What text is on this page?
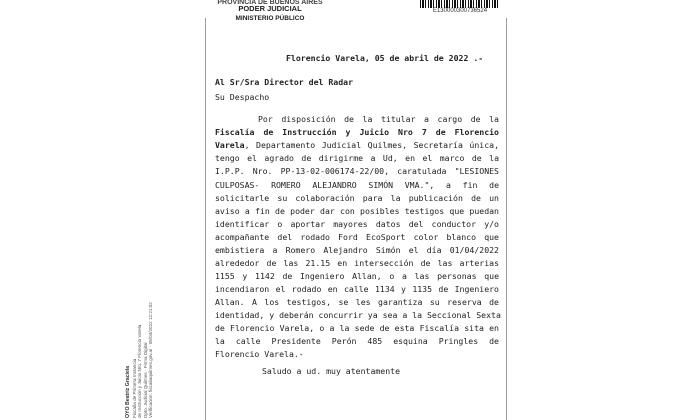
PROVINCIA DE BUENOS AIRES
PODER JUDICIAL
MINISTERIO PÚBLICO
E130000300736524
Florencio Varela, 05 de abril de 2022 .-
Al Sr/Sra Director del Radar
Su Despacho
Por disposición de la titular a cargo de la
Fiscalía de Instrucción y Juicio Nro 7 de Florencio
Varela, Departamento Judicial Quilmes, Secretaría única,
tengo el agrado de dirigirme a Ud, en el marco de la
I.P.P. Nro. PP-13-02-006174-22/00, caratulada "LESIONES
CULPOSAS- ROMERO ALEJANDRO SIMÓN VMA.", a fin de
solicitarle su colaboración para la publicación de un
aviso a fin de poder dar con posibles testigos que puedan
identificar o aportar mayores datos del conductor y/o
acompañante del rodado Ford EcoSport color blanco que
embistiera a Romero Alejandro Simón el día 01/04/2022
alrededor de las 21.15 en intersección de las arterias
1155 y 1142 de Ingeniero Allan, o a las personas que
incendiaron el rodado en calle 1134 y 1135 de Ingeniero
Allan. A los testigos, se les garantiza su reserva de
identidad, y deberán concurrir ya sea a la Seccional Sexta
de Florencio Varela, o a la sede de esta Fiscalía sita en
la calle Presidente Perón 485 esquina Pringles de
Florencio Varela.-
Saludo a ud. muy atentamente
OYO Beatriz Graciela Fiscalía de Primera Instancia de Instrucción y Juicio Nro. 7 Florencio Varela Dpto. Judicial Quilmes · Firma Digital Verificación: fiscaliaquilmes.gov.ar · 05/04/2022 12:21:02
